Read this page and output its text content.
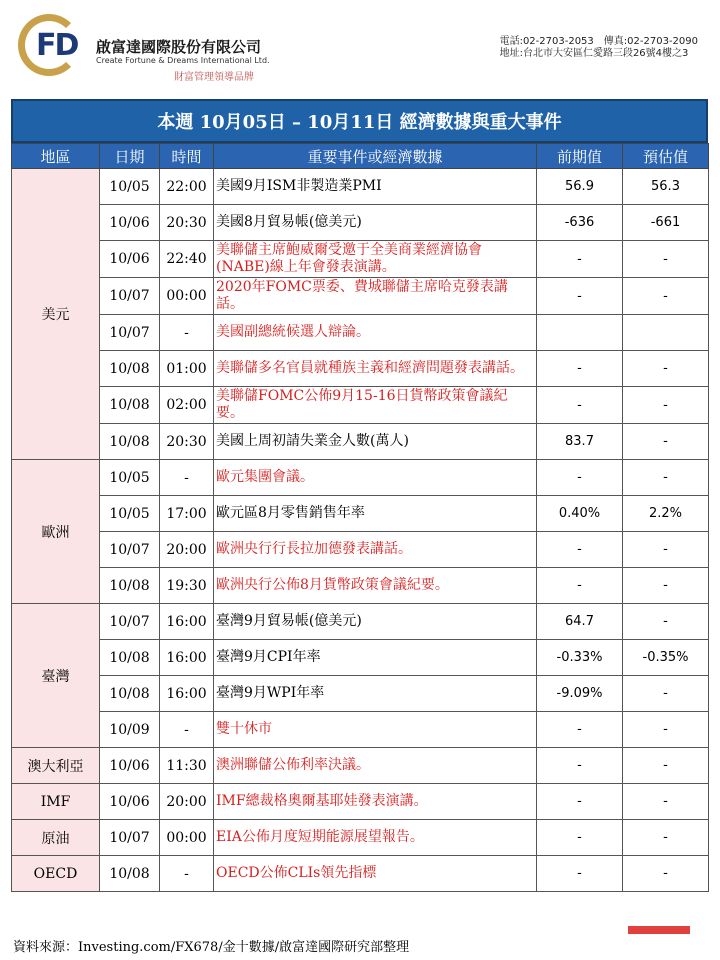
FD 啟富達國際股份有限公司
Create Fortune & Dreams International Ltd.
財富管理領導品牌
電話:02-2703-2053　傳真:02-2703-2090
地址:台北市大安區仁愛路三段26號4樓之3
本週 10月05日 – 10月11日 經濟數據與重大事件
地區	日期	時間	重要事件或經濟數據	前期值	預估值
美元	10/05	22:00	美國9月ISM非製造業PMI	56.9	56.3
	10/06	20:30	美國8月貿易帳(億美元)	-636	-661
	10/06	22:40	美聯儲主席鮑威爾受邀于全美商業經濟協會(NABE)線上年會發表演講。	-	-
	10/07	00:00	2020年FOMC票委、費城聯儲主席哈克發表講話。	-	-
	10/07	-	美國副總統候選人辯論。		
	10/08	01:00	美聯儲多名官員就種族主義和經濟問題發表講話。	-	-
	10/08	02:00	美聯儲FOMC公佈9月15-16日貨幣政策會議紀要。	-	-
	10/08	20:30	美國上周初請失業金人數(萬人)	83.7	-
歐洲	10/05	-	歐元集團會議。	-	-
	10/05	17:00	歐元區8月零售銷售年率	0.40%	2.2%
	10/07	20:00	歐洲央行行長拉加德發表講話。	-	-
	10/08	19:30	歐洲央行公佈8月貨幣政策會議紀要。	-	-
臺灣	10/07	16:00	臺灣9月貿易帳(億美元)	64.7	-
	10/08	16:00	臺灣9月CPI年率	-0.33%	-0.35%
	10/08	16:00	臺灣9月WPI年率	-9.09%	-
	10/09	-	雙十休市	-	-
澳大利亞	10/06	11:30	澳洲聯儲公佈利率決議。	-	-
IMF	10/06	20:00	IMF總裁格奧爾基耶娃發表演講。	-	-
原油	10/07	00:00	EIA公佈月度短期能源展望報告。	-	-
OECD	10/08	-	OECD公佈CLIs領先指標	-	-
資料來源：Investing.com/FX678/金十數據/啟富達國際研究部整理
